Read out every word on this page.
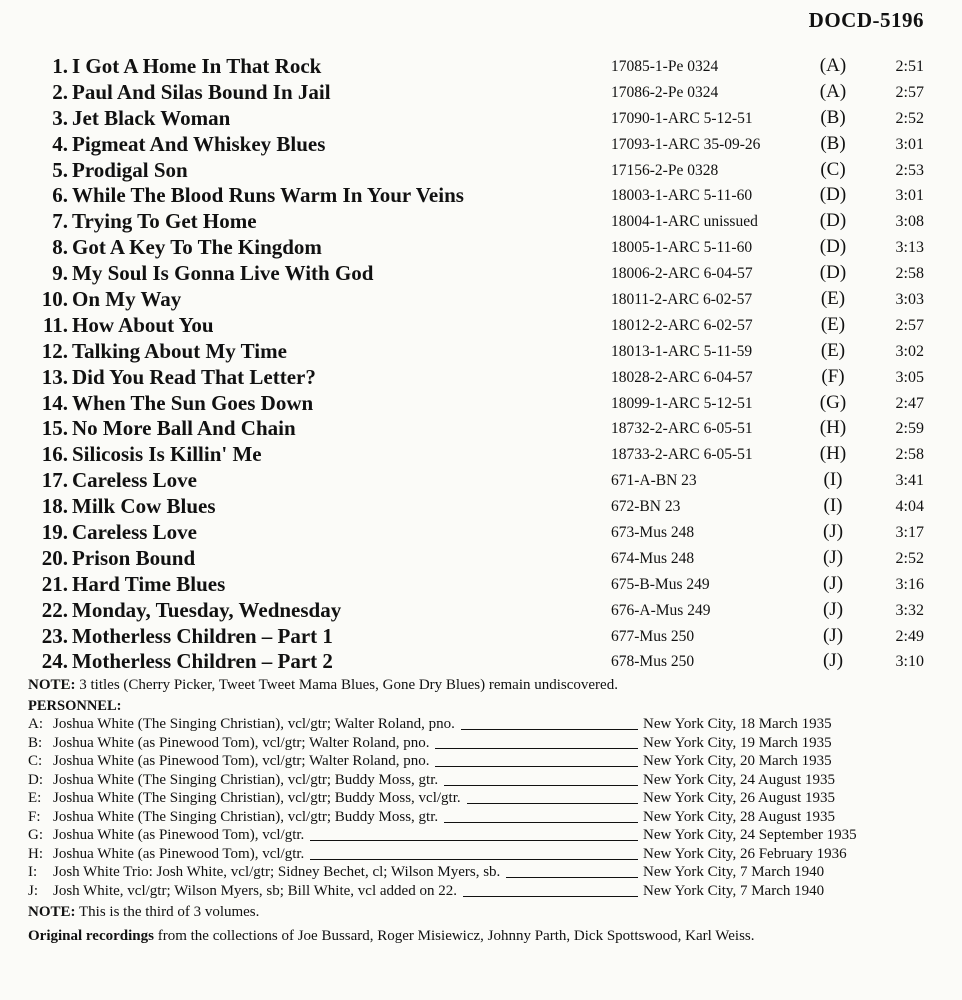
DOCD-5196
1. I Got A Home In That Rock	17085-1-Pe 0324	(A)	2:51
2. Paul And Silas Bound In Jail	17086-2-Pe 0324	(A)	2:57
3. Jet Black Woman	17090-1-ARC 5-12-51	(B)	2:52
4. Pigmeat And Whiskey Blues	17093-1-ARC 35-09-26	(B)	3:01
5. Prodigal Son	17156-2-Pe 0328	(C)	2:53
6. While The Blood Runs Warm In Your Veins	18003-1-ARC 5-11-60	(D)	3:01
7. Trying To Get Home	18004-1-ARC unissued	(D)	3:08
8. Got A Key To The Kingdom	18005-1-ARC 5-11-60	(D)	3:13
9. My Soul Is Gonna Live With God	18006-2-ARC 6-04-57	(D)	2:58
10. On My Way	18011-2-ARC 6-02-57	(E)	3:03
11. How About You	18012-2-ARC 6-02-57	(E)	2:57
12. Talking About My Time	18013-1-ARC 5-11-59	(E)	3:02
13. Did You Read That Letter?	18028-2-ARC 6-04-57	(F)	3:05
14. When The Sun Goes Down	18099-1-ARC 5-12-51	(G)	2:47
15. No More Ball And Chain	18732-2-ARC 6-05-51	(H)	2:59
16. Silicosis Is Killin' Me	18733-2-ARC 6-05-51	(H)	2:58
17. Careless Love	671-A-BN 23	(I)	3:41
18. Milk Cow Blues	672-BN 23	(I)	4:04
19. Careless Love	673-Mus 248	(J)	3:17
20. Prison Bound	674-Mus 248	(J)	2:52
21. Hard Time Blues	675-B-Mus 249	(J)	3:16
22. Monday, Tuesday, Wednesday	676-A-Mus 249	(J)	3:32
23. Motherless Children – Part 1	677-Mus 250	(J)	2:49
24. Motherless Children – Part 2	678-Mus 250	(J)	3:10
NOTE: 3 titles (Cherry Picker, Tweet Tweet Mama Blues, Gone Dry Blues) remain undiscovered.
PERSONNEL:
A: Joshua White (The Singing Christian), vcl/gtr; Walter Roland, pno.	New York City, 18 March 1935
B: Joshua White (as Pinewood Tom), vcl/gtr; Walter Roland, pno.	New York City, 19 March 1935
C: Joshua White (as Pinewood Tom), vcl/gtr; Walter Roland, pno.	New York City, 20 March 1935
D: Joshua White (The Singing Christian), vcl/gtr; Buddy Moss, gtr.	New York City, 24 August 1935
E: Joshua White (The Singing Christian), vcl/gtr; Buddy Moss, vcl/gtr.	New York City, 26 August 1935
F: Joshua White (The Singing Christian), vcl/gtr; Buddy Moss, gtr.	New York City, 28 August 1935
G: Joshua White (as Pinewood Tom), vcl/gtr.	New York City, 24 September 1935
H: Joshua White (as Pinewood Tom), vcl/gtr.	New York City, 26 February 1936
I: Josh White Trio: Josh White, vcl/gtr; Sidney Bechet, cl; Wilson Myers, sb.	New York City, 7 March 1940
J: Josh White, vcl/gtr; Wilson Myers, sb; Bill White, vcl added on 22.	New York City, 7 March 1940
NOTE: This is the third of 3 volumes.
Original recordings from the collections of Joe Bussard, Roger Misiewicz, Johnny Parth, Dick Spottswood, Karl Weiss.
